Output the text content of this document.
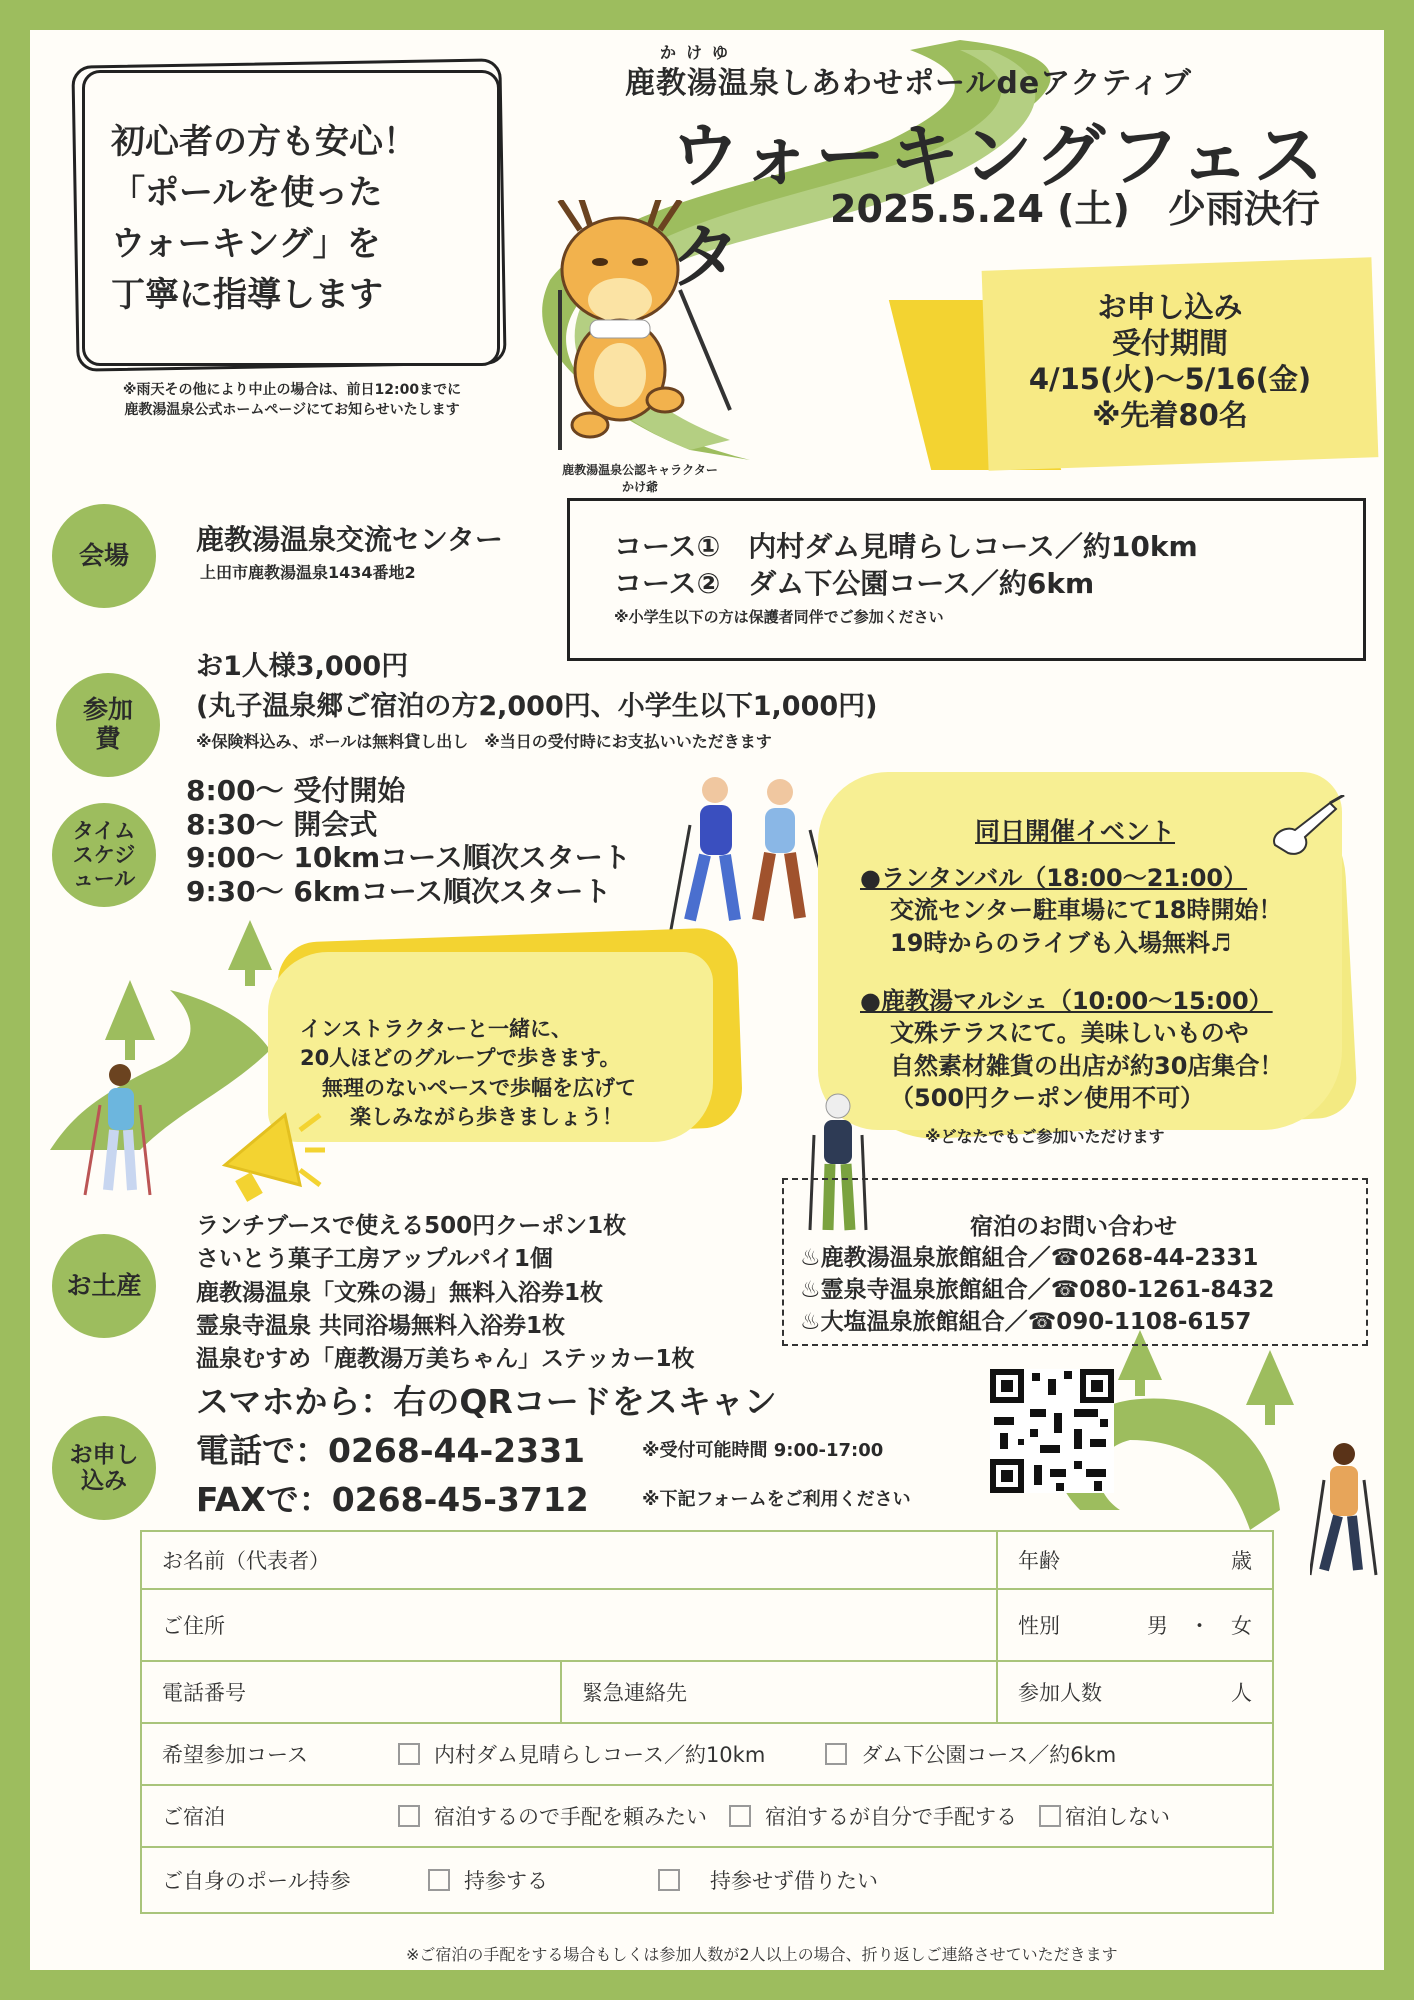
初心者の方も安心！
「ポールを使った
ウォーキング」を
丁寧に指導します
※雨天その他により中止の場合は、前日12:00までに
鹿教湯温泉公式ホームページにてお知らせいたします
鹿教湯温泉公認キャラクター
かけ爺
かけゆ
鹿教湯温泉しあわせポールdeアクティブ
ウォーキングフェスタ
2025.5.24 (土)　少雨決行
お申し込み
受付期間
4/15(火)～5/16(金)
※先着80名
会場	鹿教湯温泉交流センター
上田市鹿教湯温泉1434番地2
コース①　内村ダム見晴らしコース／約10km
コース②　ダム下公園コース／約6km
※小学生以下の方は保護者同伴でご参加ください
参加
費
お1人様3,000円
(丸子温泉郷ご宿泊の方2,000円、小学生以下1,000円)
※保険料込み、ポールは無料貸し出し　※当日の受付時にお支払いいただきます
タイム
スケジ
ュール
8:00～ 受付開始
8:30～ 開会式
9:00～ 10kmコース順次スタート
9:30～ 6kmコース順次スタート
インストラクターと一緒に、
20人ほどのグループで歩きます。
無理のないペースで歩幅を広げて
楽しみながら歩きましょう！
同日開催イベント
●ランタンバル（18:00～21:00）
交流センター駐車場にて18時開始！
19時からのライブも入場無料♬
●鹿教湯マルシェ（10:00～15:00）
文殊テラスにて。美味しいものや
自然素材雑貨の出店が約30店集合！
（500円クーポン使用不可）
※どなたでもご参加いただけます
お土産
ランチブースで使える500円クーポン1枚
さいとう菓子工房アップルパイ1個
鹿教湯温泉「文殊の湯」無料入浴券1枚
霊泉寺温泉 共同浴場無料入浴券1枚
温泉むすめ「鹿教湯万美ちゃん」ステッカー1枚
宿泊のお問い合わせ
♨鹿教湯温泉旅館組合／☎0268-44-2331
♨霊泉寺温泉旅館組合／☎080-1261-8432
♨大塩温泉旅館組合／☎090-1108-6157
お申し
込み
スマホから：右のQRコードをスキャン
電話で：0268-44-2331	※受付可能時間 9:00-17:00
FAXで：0268-45-3712	※下記フォームをご利用ください
お名前（代表者）	年齢	歳
ご住所	性別	男　・　女
電話番号	緊急連絡先	参加人数	人
希望参加コース	内村ダム見晴らしコース／約10km	ダム下公園コース／約6km
ご宿泊	宿泊するので手配を頼みたい	宿泊するが自分で手配する 宿泊しない
ご自身のポール持参	持参する	持参せず借りたい
※ご宿泊の手配をする場合もしくは参加人数が2人以上の場合、折り返しご連絡させていただきます
